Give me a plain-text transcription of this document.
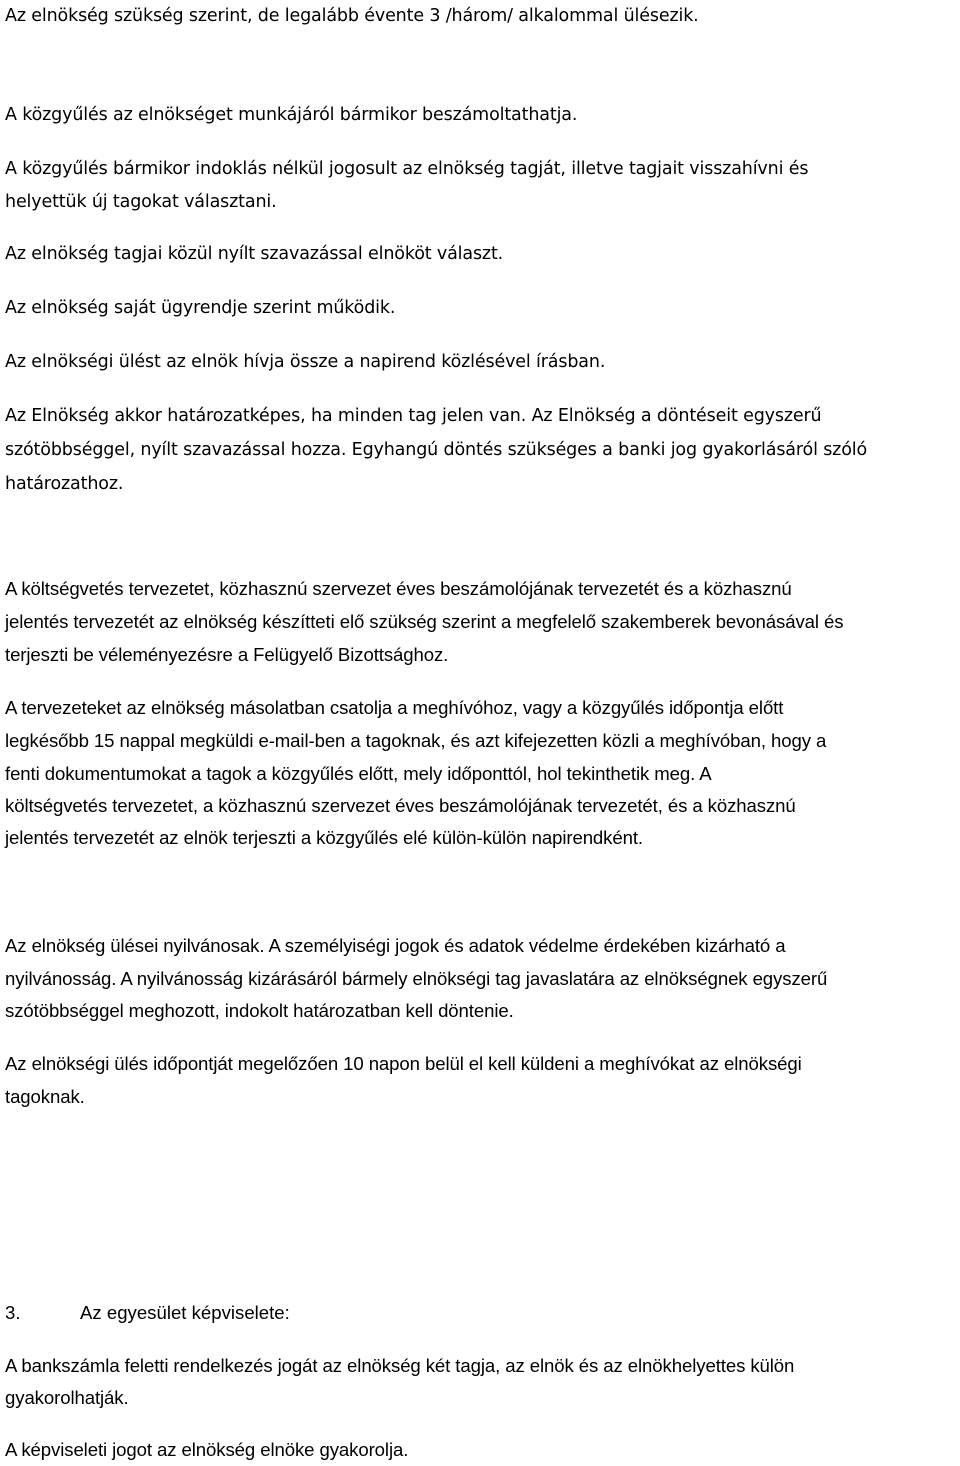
Az elnökség szükség szerint, de legalább évente 3 /három/ alkalommal ülésezik.

A közgyűlés az elnökséget munkájáról bármikor beszámoltathatja.

A közgyűlés bármikor indoklás nélkül jogosult az elnökség tagját, illetve tagjait visszahívni és

helyettük új tagokat választani.

Az elnökség tagjai közül nyílt szavazással elnököt választ.

Az elnökség saját ügyrendje szerint működik.

Az elnökségi ülést az elnök hívja össze a napirend közlésével írásban.

Az Elnökség akkor határozatképes, ha minden tag jelen van. Az Elnökség a döntéseit egyszerű

szótöbbséggel, nyílt szavazással hozza. Egyhangú döntés szükséges a banki jog gyakorlásáról szóló

határozathoz.

A költségvetés tervezetet, közhasznú szervezet éves beszámolójának tervezetét és a közhasznú

jelentés tervezetét az elnökség készítteti elő szükség szerint a megfelelő szakemberek bevonásával és

terjeszti be véleményezésre a Felügyelő Bizottsághoz.

A tervezeteket az elnökség másolatban csatolja a meghívóhoz, vagy a közgyűlés időpontja előtt

legkésőbb 15 nappal megküldi e-mail-ben a tagoknak, és azt kifejezetten közli a meghívóban, hogy a

fenti dokumentumokat a tagok a közgyűlés előtt, mely időponttól, hol tekinthetik meg. A

költségvetés tervezetet, a közhasznú szervezet éves beszámolójának tervezetét, és a közhasznú

jelentés tervezetét az elnök terjeszti a közgyűlés elé külön-külön napirendként.

Az elnökség ülései nyilvánosak. A személyiségi jogok és adatok védelme érdekében kizárható a

nyilvánosság. A nyilvánosság kizárásáról bármely elnökségi tag javaslatára az elnökségnek egyszerű

szótöbbséggel meghozott, indokolt határozatban kell döntenie.

Az elnökségi ülés időpontját megelőzően 10 napon belül el kell küldeni a meghívókat az elnökségi

tagoknak.

3.	Az egyesület képviselete:

A bankszámla feletti rendelkezés jogát az elnökség két tagja, az elnök és az elnökhelyettes külön

gyakorolhatják.

A képviseleti jogot az elnökség elnöke gyakorolja.
